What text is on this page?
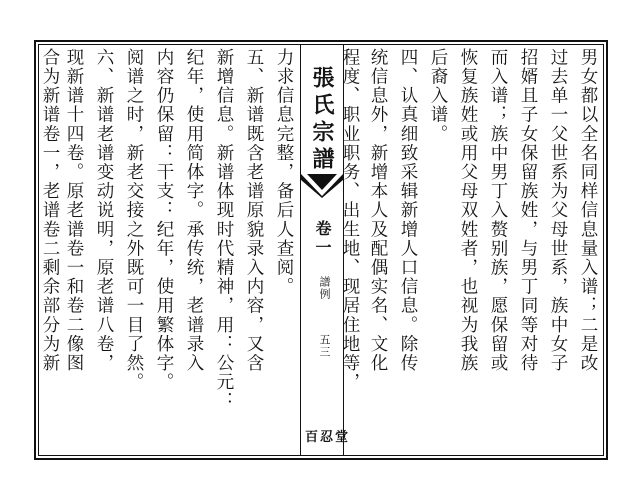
男女都以全名同样信息量入谱；二是改
过去单一父世系为父母世系，族中女子
招婿且子女保留族姓，与男丁同等对待
而入谱；族中男丁入赘别族，愿保留或
恢复族姓或用父母双姓者，也视为我族
后裔入谱。
四、认真细致采辑新增人口信息。除传
统信息外，新增本人及配偶实名、文化
程度、职业职务、出生地、现居住地等，
張氏宗譜
卷一
譜例
五三
百忍堂
力求信息完整，备后人查阅。
五、新谱既含老谱原貌录入内容，又含
新增信息。新谱体现时代精神，用：公元：
纪年，使用简体字。承传统，老谱录入
内容仍保留：干支：纪年，使用繁体字。
阅谱之时，新老交接之外既可一目了然。
六、新谱老谱变动说明，原老谱八卷，
现新谱十四卷。原老谱卷一和卷二像图
合为新谱卷一，老谱卷二剩余部分为新
